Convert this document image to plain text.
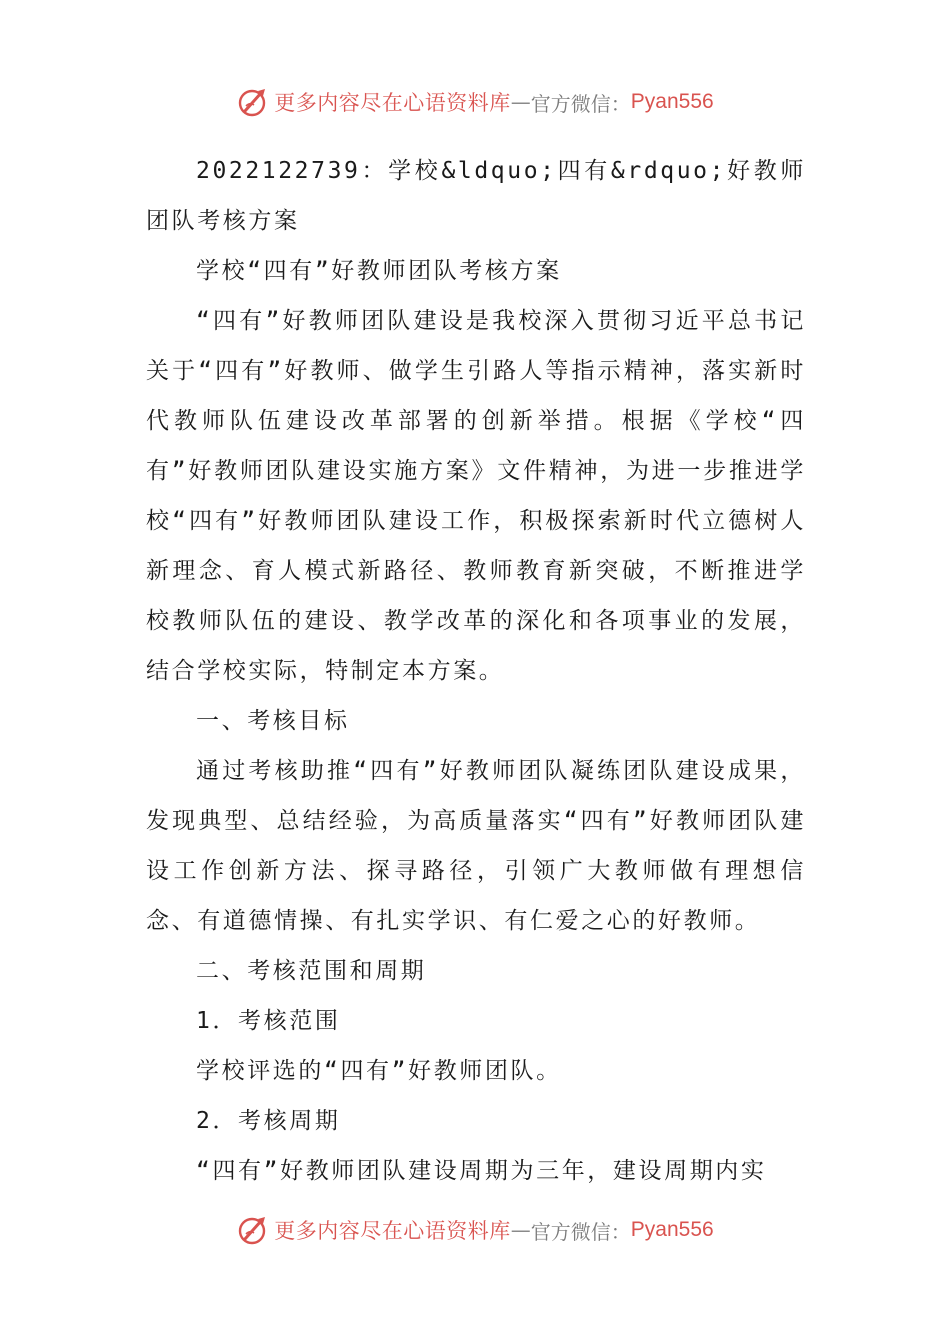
更多内容尽在心语资料库 — 官方微信： Pyan556

2022122739：学校&ldquo;四有&rdquo;好教师团队考核方案

学校“四有”好教师团队考核方案

“四有”好教师团队建设是我校深入贯彻习近平总书记关于“四有”好教师、做学生引路人等指示精神，落实新时代教师队伍建设改革部署的创新举措。根据《学校“四有”好教师团队建设实施方案》文件精神，为进一步推进学校“四有”好教师团队建设工作，积极探索新时代立德树人新理念、育人模式新路径、教师教育新突破，不断推进学校教师队伍的建设、教学改革的深化和各项事业的发展，结合学校实际，特制定本方案。

一、考核目标

通过考核助推“四有”好教师团队凝练团队建设成果，发现典型、总结经验，为高质量落实“四有”好教师团队建设工作创新方法、探寻路径，引领广大教师做有理想信念、有道德情操、有扎实学识、有仁爱之心的好教师。

二、考核范围和周期

1．考核范围

学校评选的“四有”好教师团队。

2．考核周期

“四有”好教师团队建设周期为三年，建设周期内实

更多内容尽在心语资料库 — 官方微信： Pyan556
